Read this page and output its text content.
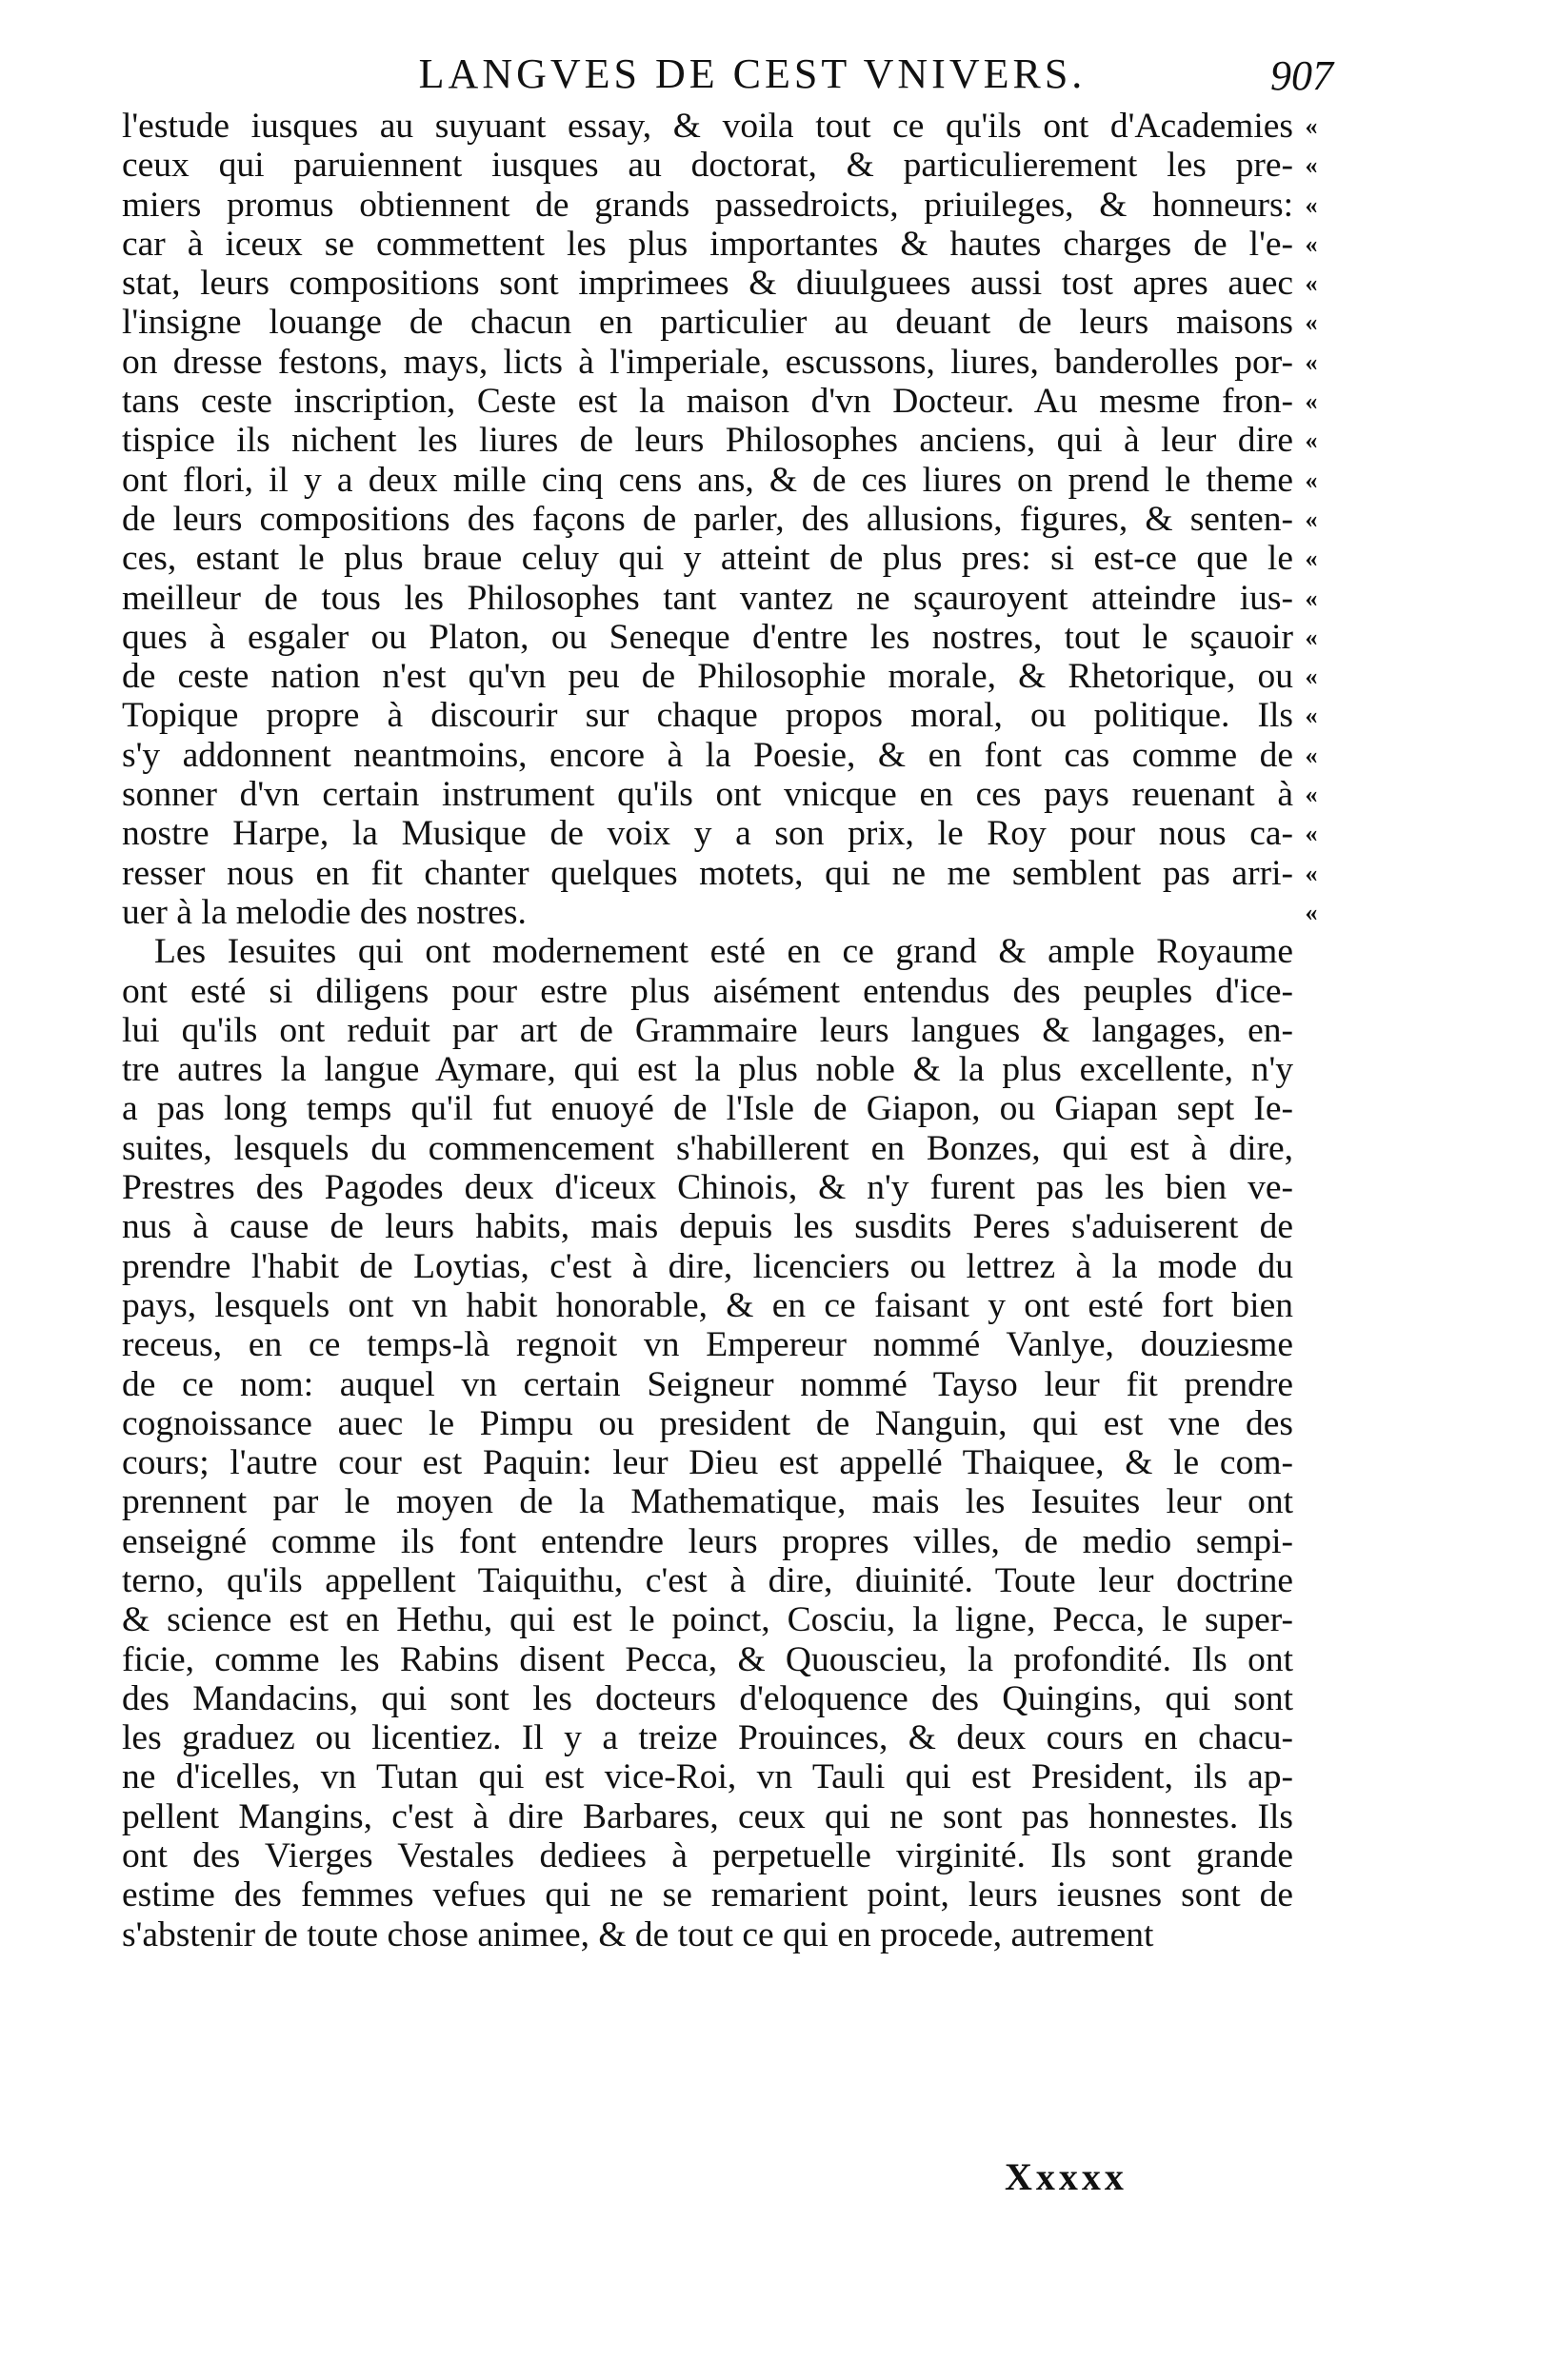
LANGVES DE CEST VNIVERS.	907
l'estude iusques au suyuant essay, & voila tout ce qu'ils ont d'Academies
ceux qui paruiennent iusques au doctorat, & particulierement les pre-
miers promus obtiennent de grands passedroicts, priuileges, & honneurs:
car à iceux se commettent les plus importantes & hautes charges de l'e-
stat, leurs compositions sont imprimees & diuulguees aussi tost apres auec
l'insigne louange de chacun en particulier au deuant de leurs maisons
on dresse festons, mays, licts à l'imperiale, escussons, liures, banderolles por-
tans ceste inscription, Ceste est la maison d'vn Docteur. Au mesme fron-
tispice ils nichent les liures de leurs Philosophes anciens, qui à leur dire
ont flori, il y a deux mille cinq cens ans, & de ces liures on prend le theme
de leurs compositions des façons de parler, des allusions, figures, & senten-
ces, estant le plus braue celuy qui y atteint de plus pres: si est-ce que le
meilleur de tous les Philosophes tant vantez ne sçauroyent atteindre ius-
ques à esgaler ou Platon, ou Seneque d'entre les nostres, tout le sçauoir
de ceste nation n'est qu'vn peu de Philosophie morale, & Rhetorique, ou
Topique propre à discourir sur chaque propos moral, ou politique. Ils
s'y addonnent neantmoins, encore à la Poesie, & en font cas comme de
sonner d'vn certain instrument qu'ils ont vnicque en ces pays reuenant à
nostre Harpe, la Musique de voix y a son prix, le Roy pour nous ca-
resser nous en fit chanter quelques motets, qui ne me semblent pas arri-
uer à la melodie des nostres.
Les Iesuites qui ont modernement esté en ce grand & ample Royaume
ont esté si diligens pour estre plus aisément entendus des peuples d'ice-
lui qu'ils ont reduit par art de Grammaire leurs langues & langages, en-
tre autres la langue Aymare, qui est la plus noble & la plus excellente, n'y
a pas long temps qu'il fut enuoyé de l'Isle de Giapon, ou Giapan sept Ie-
suites, lesquels du commencement s'habillerent en Bonzes, qui est à dire,
Prestres des Pagodes deux d'iceux Chinois, & n'y furent pas les bien ve-
nus à cause de leurs habits, mais depuis les susdits Peres s'aduiserent de
prendre l'habit de Loytias, c'est à dire, licenciers ou lettrez à la mode du
pays, lesquels ont vn habit honorable, & en ce faisant y ont esté fort bien
receus, en ce temps-là regnoit vn Empereur nommé Vanlye, douziesme
de ce nom: auquel vn certain Seigneur nommé Tayso leur fit prendre
cognoissance auec le Pimpu ou president de Nanguin, qui est vne des
cours; l'autre cour est Paquin: leur Dieu est appellé Thaiquee, & le com-
prennent par le moyen de la Mathematique, mais les Iesuites leur ont
enseigné comme ils font entendre leurs propres villes, de medio sempi-
terno, qu'ils appellent Taiquithu, c'est à dire, diuinité. Toute leur doctrine
& science est en Hethu, qui est le poinct, Cosciu, la ligne, Pecca, le super-
ficie, comme les Rabins disent Pecca, & Quouscieu, la profondité. Ils ont
des Mandacins, qui sont les docteurs d'eloquence des Quingins, qui sont
les graduez ou licentiez. Il y a treize Prouinces, & deux cours en chacu-
ne d'icelles, vn Tutan qui est vice-Roi, vn Tauli qui est President, ils ap-
pellent Mangins, c'est à dire Barbares, ceux qui ne sont pas honnestes. Ils
ont des Vierges Vestales dediees à perpetuelle virginité. Ils sont grande
estime des femmes vefues qui ne se remarient point, leurs ieusnes sont de
s'abstenir de toute chose animee, & de tout ce qui en procede, autrement
«
«
«
«
«
«
«
«
«
«
«
«
«
«
«
«
«
«
«
«
«
Xxxxx
